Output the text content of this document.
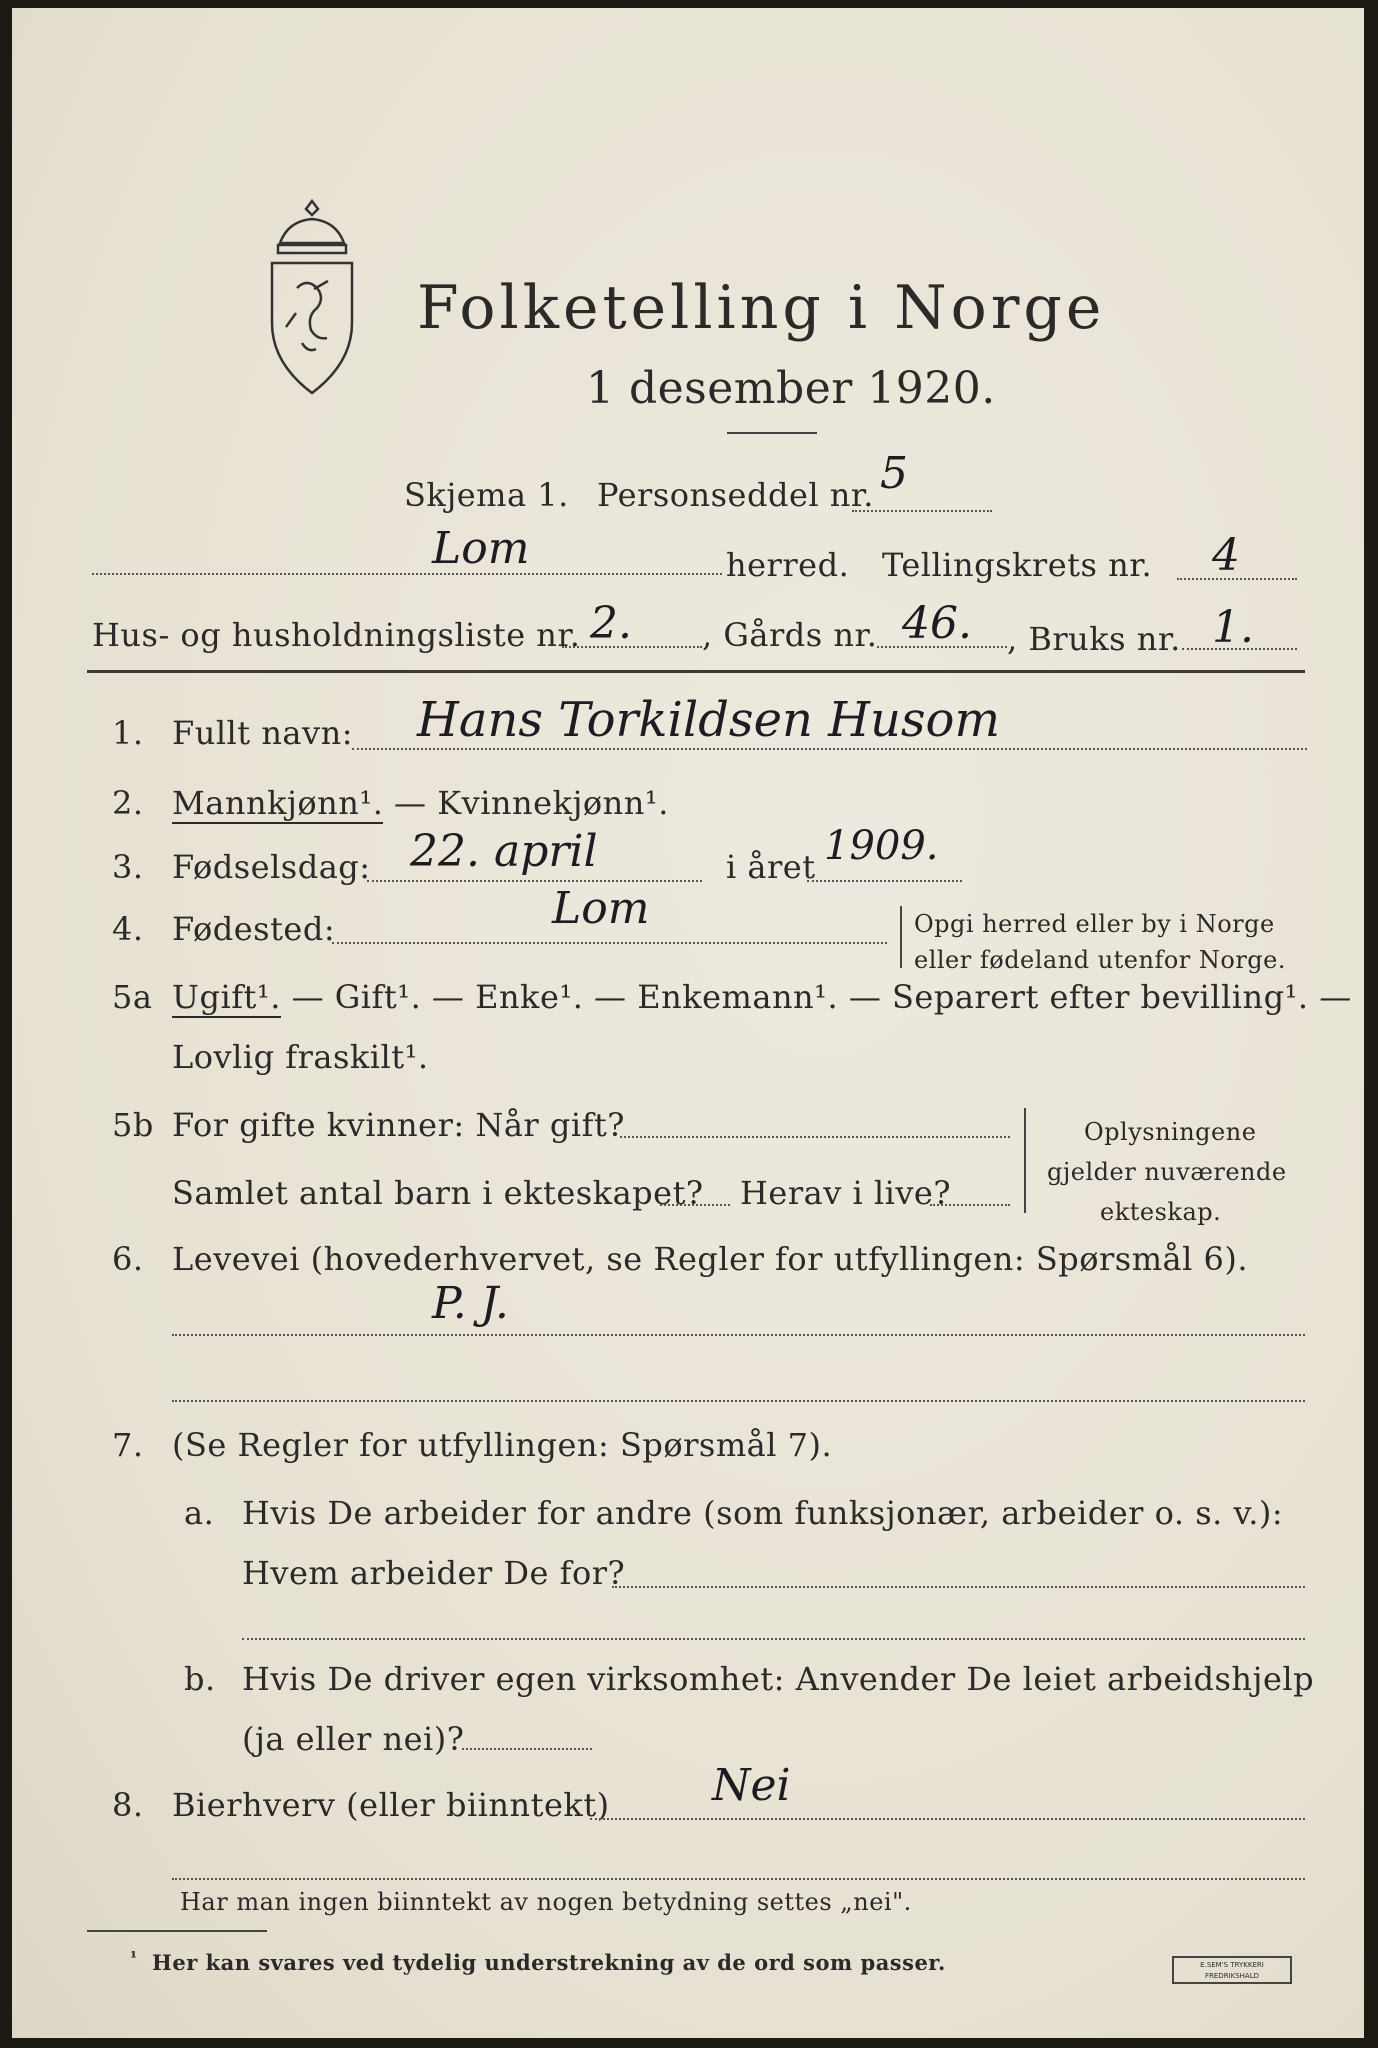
Folketelling i Norge
1 desember 1920.
Skjema 1. Personseddel nr. 5
Lom	herred. Tellingskrets nr. 4
Hus- og husholdningsliste nr. 2. , Gårds nr. 46. , Bruks nr. 1.
1. Fullt navn: Hans Torkildsen Husom
2. Mannkjønn¹. — Kvinnekjønn¹.
3. Fødselsdag: 22. april	i året 1909.
4. Fødested:	Lom	Opgi herred eller by i Norge
eller fødeland utenfor Norge.
5a Ugift¹. — Gift¹. — Enke¹. — Enkemann¹. — Separert efter bevilling¹. —
Lovlig fraskilt¹.
5b For gifte kvinner: Når gift?
Samlet antal barn i ekteskapet? Herav i live?
Oplysningene
gjelder nuværende
ekteskap.
6. Levevei (hovederhvervet, se Regler for utfyllingen: Spørsmål 6).
P. J.
7. (Se Regler for utfyllingen: Spørsmål 7).
a. Hvis De arbeider for andre (som funksjonær, arbeider o. s. v.):
Hvem arbeider De for?
b. Hvis De driver egen virksomhet: Anvender De leiet arbeidshjelp
(ja eller nei)?
8. Bierhverv (eller biinntekt) Nei
Har man ingen biinntekt av nogen betydning settes „nei".
¹ Her kan svares ved tydelig understrekning av de ord som passer.	E.SEM'S TRYKKERI FREDRIKSHALD
